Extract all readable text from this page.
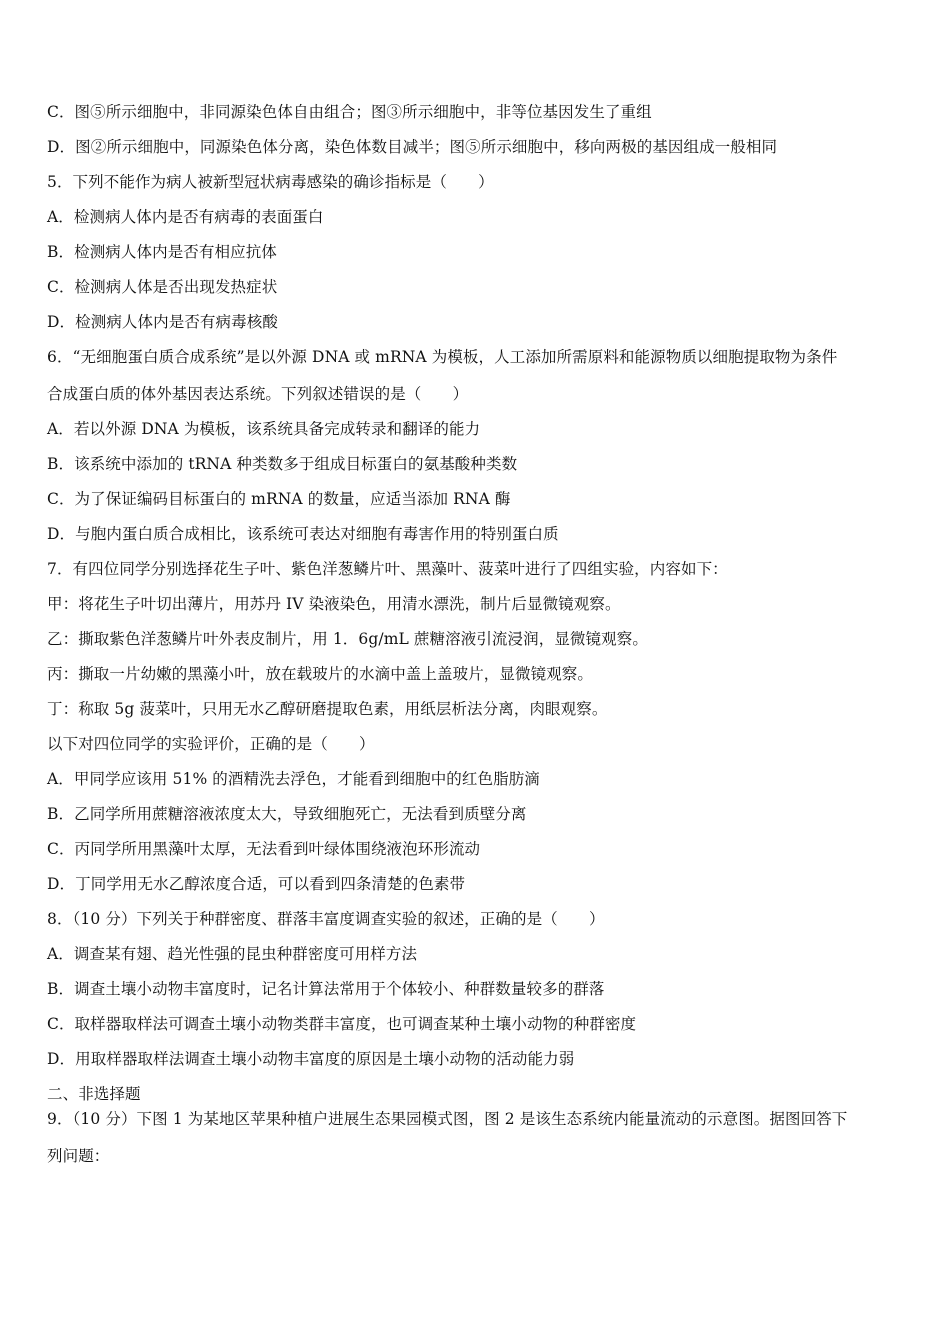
C．图⑤所示细胞中，非同源染色体自由组合；图③所示细胞中，非等位基因发生了重组
D．图②所示细胞中，同源染色体分离，染色体数目减半；图⑤所示细胞中，移向两极的基因组成一般相同
5．下列不能作为病人被新型冠状病毒感染的确诊指标是（　　）
A．检测病人体内是否有病毒的表面蛋白
B．检测病人体内是否有相应抗体
C．检测病人体是否出现发热症状
D．检测病人体内是否有病毒核酸
6．“无细胞蛋白质合成系统”是以外源 DNA 或 mRNA 为模板，人工添加所需原料和能源物质以细胞提取物为条件
合成蛋白质的体外基因表达系统。下列叙述错误的是（　　）
A．若以外源 DNA 为模板，该系统具备完成转录和翻译的能力
B．该系统中添加的 tRNA 种类数多于组成目标蛋白的氨基酸种类数
C．为了保证编码目标蛋白的 mRNA 的数量，应适当添加 RNA 酶
D．与胞内蛋白质合成相比，该系统可表达对细胞有毒害作用的特别蛋白质
7．有四位同学分别选择花生子叶、紫色洋葱鳞片叶、黑藻叶、菠菜叶进行了四组实验，内容如下：
甲：将花生子叶切出薄片，用苏丹 IV 染液染色，用清水漂洗，制片后显微镜观察。
乙：撕取紫色洋葱鳞片叶外表皮制片，用 1．6g/mL 蔗糖溶液引流浸润，显微镜观察。
丙：撕取一片幼嫩的黑藻小叶，放在载玻片的水滴中盖上盖玻片，显微镜观察。
丁：称取 5g 菠菜叶，只用无水乙醇研磨提取色素，用纸层析法分离，肉眼观察。
以下对四位同学的实验评价，正确的是（　　）
A．甲同学应该用 51% 的酒精洗去浮色，才能看到细胞中的红色脂肪滴
B．乙同学所用蔗糖溶液浓度太大，导致细胞死亡，无法看到质壁分离
C．丙同学所用黑藻叶太厚，无法看到叶绿体围绕液泡环形流动
D．丁同学用无水乙醇浓度合适，可以看到四条清楚的色素带
8．（10 分）下列关于种群密度、群落丰富度调查实验的叙述，正确的是（　　）
A．调查某有翅、趋光性强的昆虫种群密度可用样方法
B．调查土壤小动物丰富度时，记名计算法常用于个体较小、种群数量较多的群落
C．取样器取样法可调查土壤小动物类群丰富度，也可调查某种土壤小动物的种群密度
D．用取样器取样法调查土壤小动物丰富度的原因是土壤小动物的活动能力弱
二、非选择题
9．（10 分）下图 1 为某地区苹果种植户进展生态果园模式图，图 2 是该生态系统内能量流动的示意图。据图回答下
列问题：
